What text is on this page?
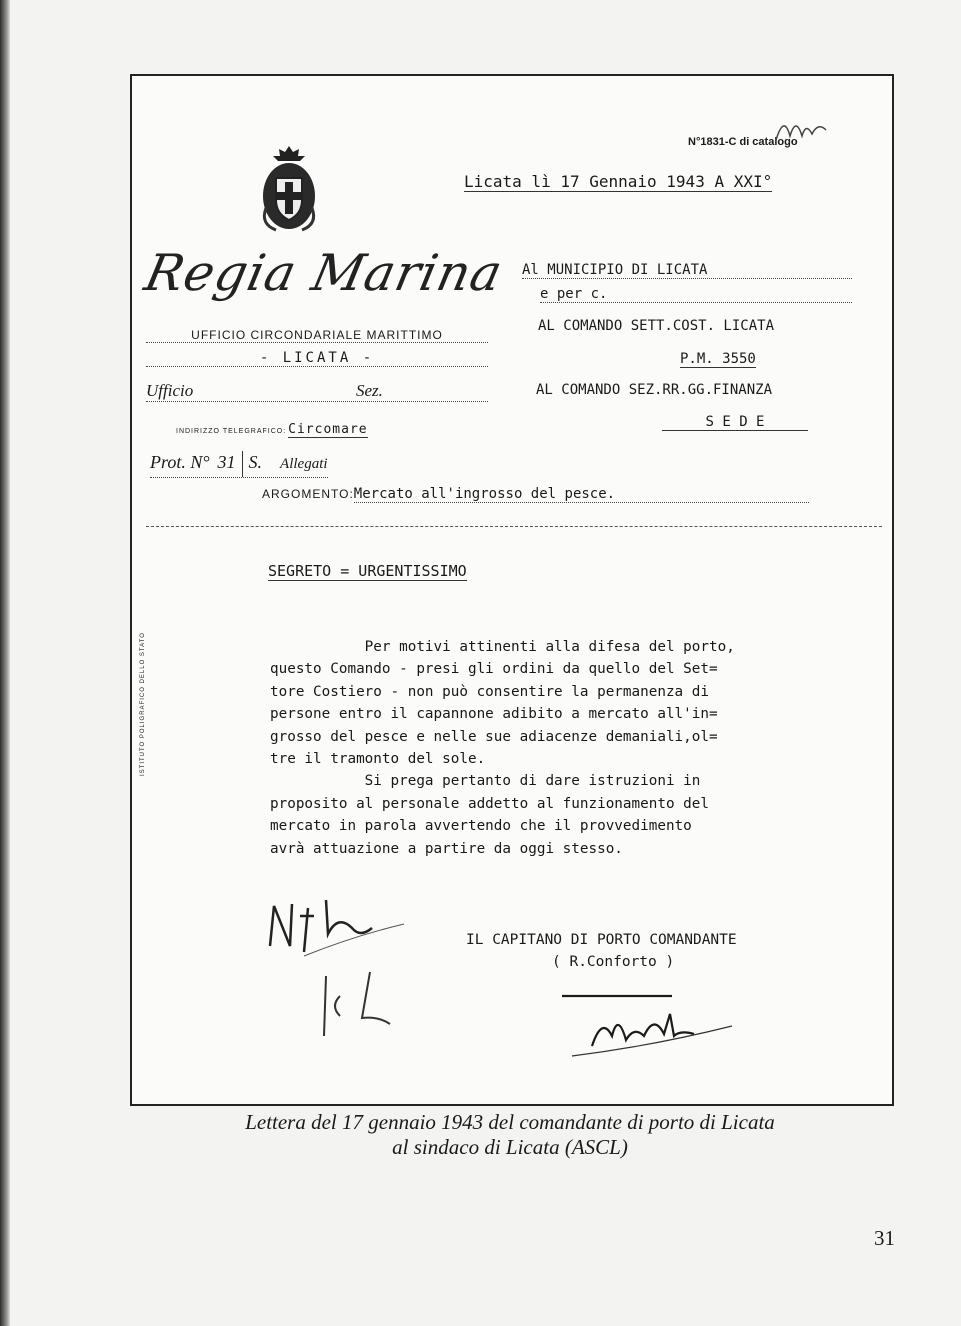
N°1831-C di catalogo
Licata lì 17 Gennaio 1943 A XXI°
Regia Marina
UFFICIO CIRCONDARIALE MARITTIMO
- LICATA -
Ufficio	Sez.
INDIRIZZO TELEGRAFICO: Circomare
Prot. N° 31 S. Allegati
Al MUNICIPIO DI LICATA
e per c.
AL COMANDO SETT.COST. LICATA
P.M. 3550
AL COMANDO SEZ.RR.GG.FINANZA
S E D E
ARGOMENTO:Mercato all'ingrosso del pesce.
SEGRETO = URGENTISSIMO
Per motivi attinenti alla difesa del porto,
questo Comando - presi gli ordini da quello del Set=
tore Costiero - non può consentire la permanenza di
persone entro il capannone adibito a mercato all'in=
grosso del pesce e nelle sue adiacenze demaniali,ol=
tre il tramonto del sole.
Si prega pertanto di dare istruzioni in
proposito al personale addetto al funzionamento del
mercato in parola avvertendo che il provvedimento
avrà attuazione a partire da oggi stesso.
IL CAPITANO DI PORTO COMANDANTE
( R.Conforto )
ISTITUTO POLIGRAFICO DELLO STATO
Lettera del 17 gennaio 1943 del comandante di porto di Licata
al sindaco di Licata (ASCL)
31
